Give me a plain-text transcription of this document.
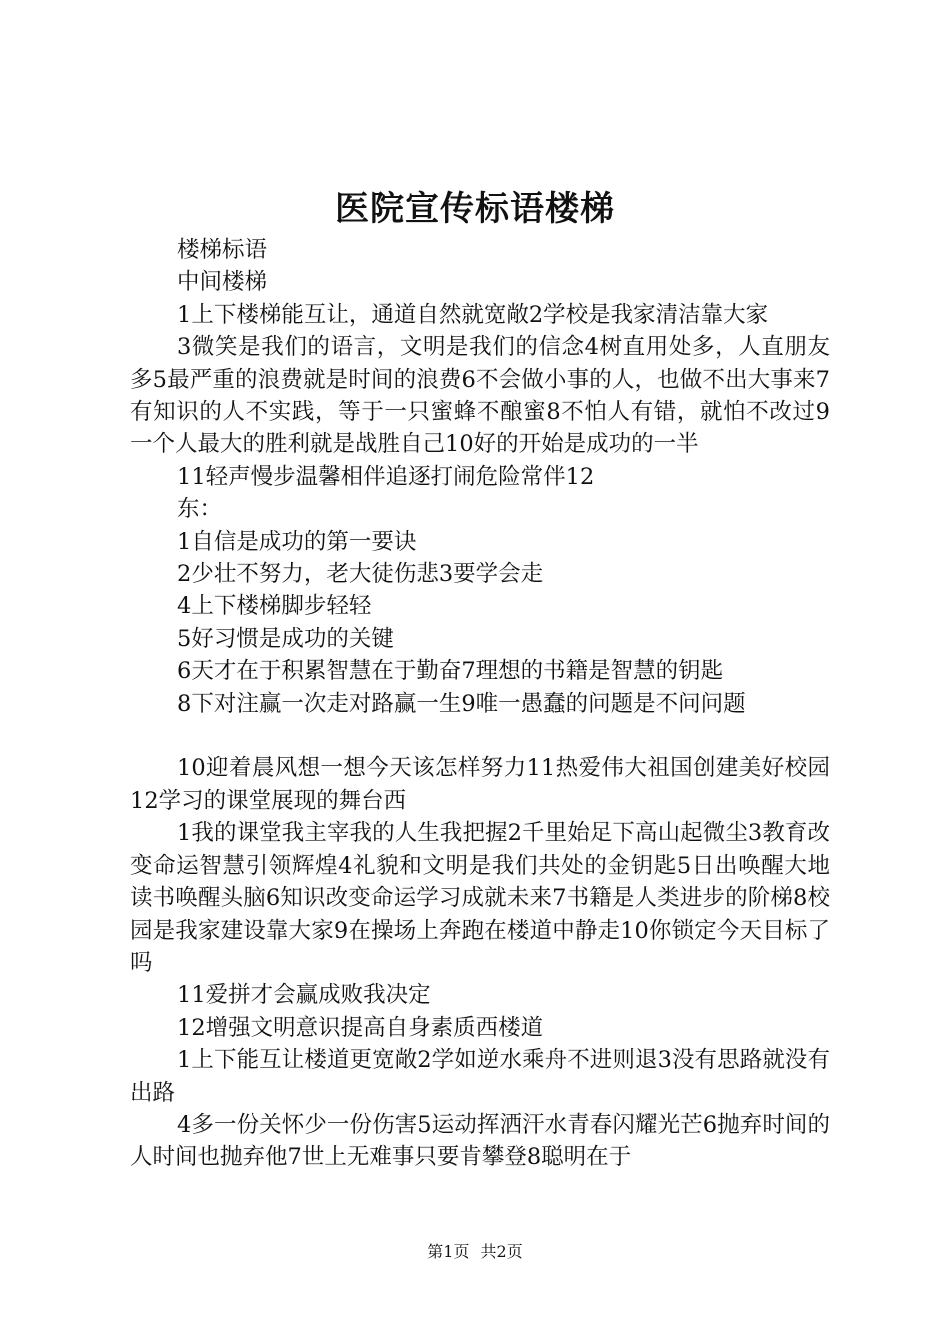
医院宣传标语楼梯

楼梯标语

中间楼梯

1上下楼梯能互让，通道自然就宽敞2学校是我家清洁靠大家

3微笑是我们的语言，文明是我们的信念4树直用处多，人直朋友多5最严重的浪费就是时间的浪费6不会做小事的人，也做不出大事来7有知识的人不实践，等于一只蜜蜂不酿蜜8不怕人有错，就怕不改过9一个人最大的胜利就是战胜自己10好的开始是成功的一半

11轻声慢步温馨相伴追逐打闹危险常伴12

东：

1自信是成功的第一要诀

2少壮不努力，老大徒伤悲3要学会走

4上下楼梯脚步轻轻

5好习惯是成功的关键

6天才在于积累智慧在于勤奋7理想的书籍是智慧的钥匙

8下对注赢一次走对路赢一生9唯一愚蠢的问题是不问问题

10迎着晨风想一想今天该怎样努力11热爱伟大祖国创建美好校园12学习的课堂展现的舞台西

1我的课堂我主宰我的人生我把握2千里始足下高山起微尘3教育改变命运智慧引领辉煌4礼貌和文明是我们共处的金钥匙5日出唤醒大地读书唤醒头脑6知识改变命运学习成就未来7书籍是人类进步的阶梯8校园是我家建设靠大家9在操场上奔跑在楼道中静走10你锁定今天目标了吗

11爱拼才会赢成败我决定

12增强文明意识提高自身素质西楼道

1上下能互让楼道更宽敞2学如逆水乘舟不进则退3没有思路就没有出路

4多一份关怀少一份伤害5运动挥洒汗水青春闪耀光芒6抛弃时间的人时间也抛弃他7世上无难事只要肯攀登8聪明在于

第1页 共2页
